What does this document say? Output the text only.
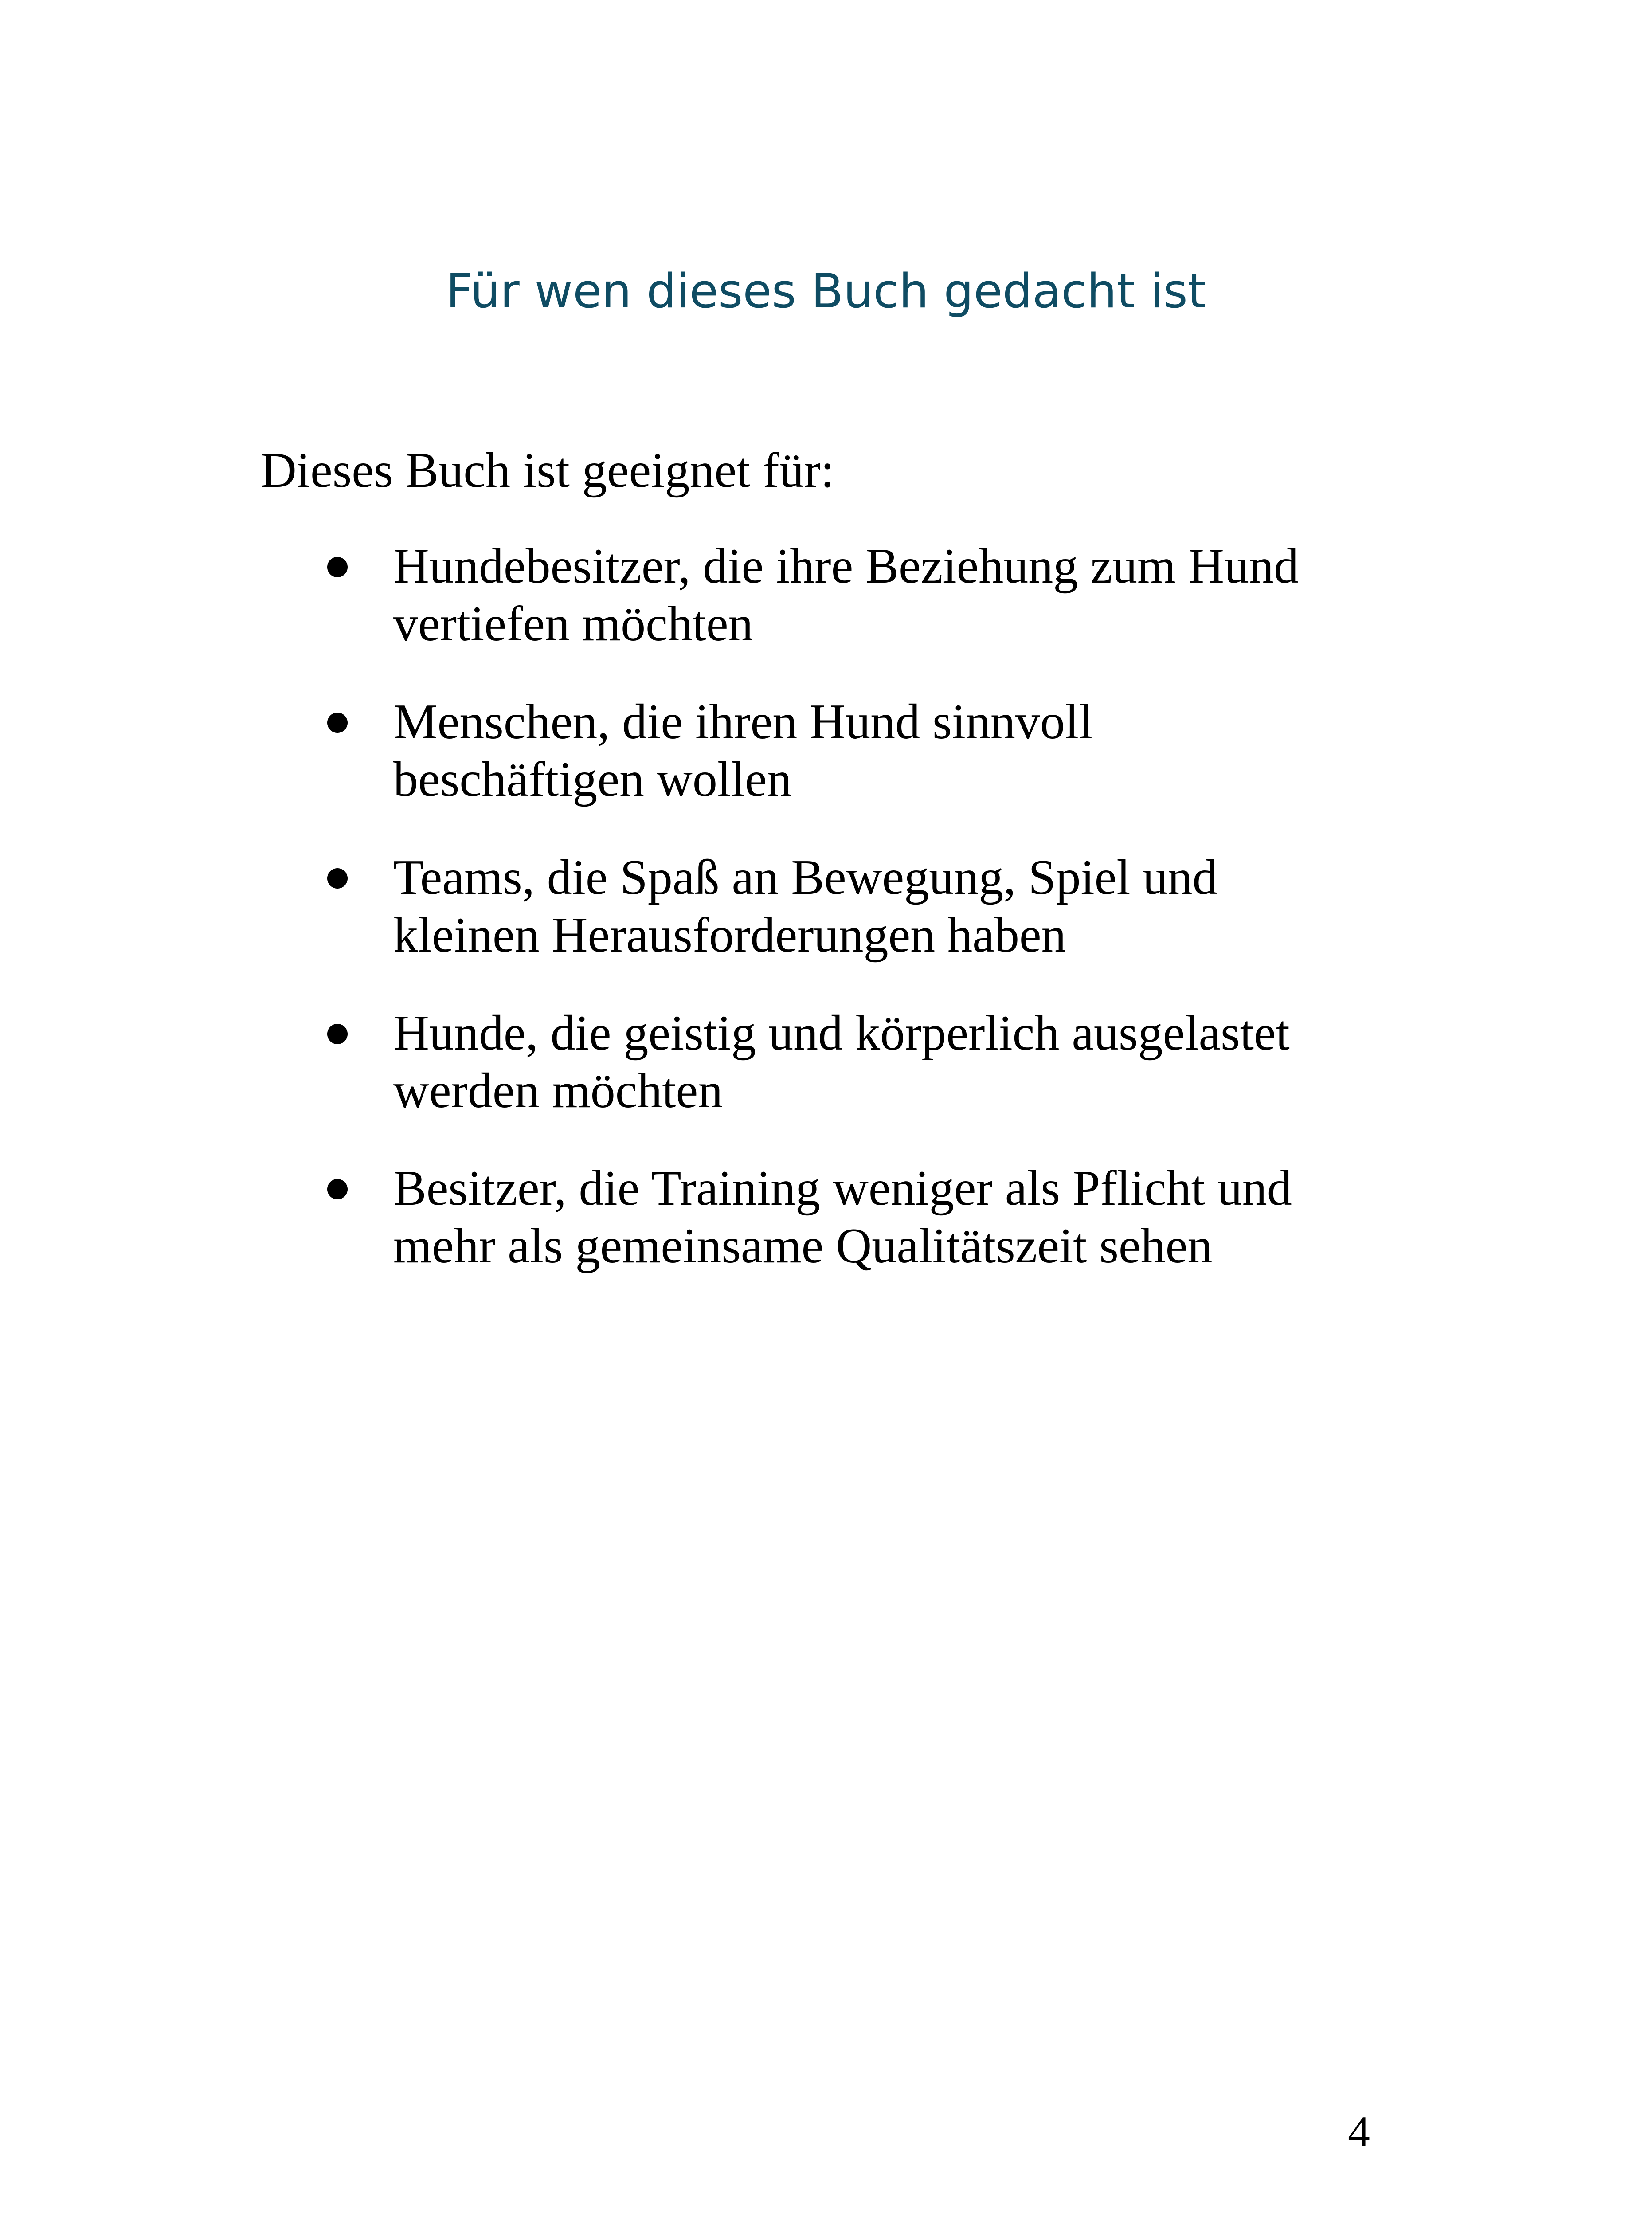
Für wen dieses Buch gedacht ist

Dieses Buch ist geeignet für:

Hundebesitzer, die ihre Beziehung zum Hund
vertiefen möchten
Menschen, die ihren Hund sinnvoll
beschäftigen wollen
Teams, die Spaß an Bewegung, Spiel und
kleinen Herausforderungen haben
Hunde, die geistig und körperlich ausgelastet
werden möchten
Besitzer, die Training weniger als Pflicht und
mehr als gemeinsame Qualitätszeit sehen
4
